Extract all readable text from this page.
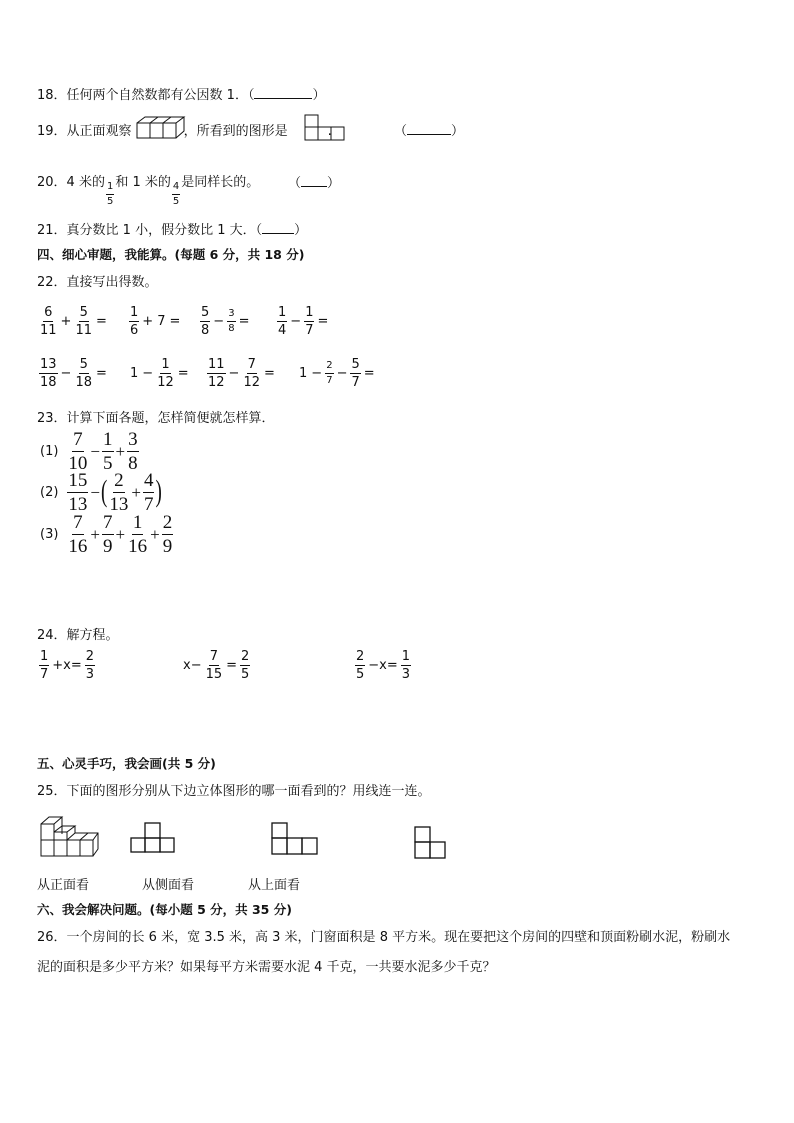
18．任何两个自然数都有公因数 1．（	）
19．从正面观察	，所看到的图形是	.	（	）
20．4 米的 $\frac{1}{5}$ 和 1 米的 $\frac{4}{5}$ 是同样长的。 （ ）
21．真分数比 1 小，假分数比 1 大．（ ）
四、细心审题，我能算。(每题 6 分，共 18 分)
22．直接写出得数。
$\frac{6}{11} + \frac{5}{11} = \frac{1}{6} + 7 = \frac{5}{8} - \frac{3}{8} = \frac{1}{4} - \frac{1}{7}$ =
$\frac{13}{18} - \frac{5}{18} = 1 - \frac{1}{12} = \frac{11}{12} - \frac{7}{12} = 1 - \frac{2}{7} - \frac{5}{7}$ =
23．计算下面各题，怎样简便就怎样算．
$(1) \frac{7}{10} - \frac{1}{5} + \frac{3}{8}$
$(2) \frac{15}{13}$ − ( $\frac{2}{13} + \frac{4}{7}$ )
$(3) \frac{7}{16} + \frac{7}{9} + \frac{1}{16} + \frac{2}{9}$
24．解方程。
$\frac{1}{7} +x= \frac{2}{3}$	$x- \frac{7}{15} = \frac{2}{5}$	$\frac{2}{5} -x= \frac{1}{3}$
五、心灵手巧，我会画(共 5 分)
25．下面的图形分别从下边立体图形的哪一面看到的？用线连一连。
从正面看	从侧面看	从上面看
六、我会解决问题。(每小题 5 分，共 35 分)
26．一个房间的长 6 米，宽 3.5 米，高 3 米，门窗面积是 8 平方米。现在要把这个房间的四壁和顶面粉刷水泥，粉刷水
泥的面积是多少平方米？如果每平方米需要水泥 4 千克，一共要水泥多少千克？
